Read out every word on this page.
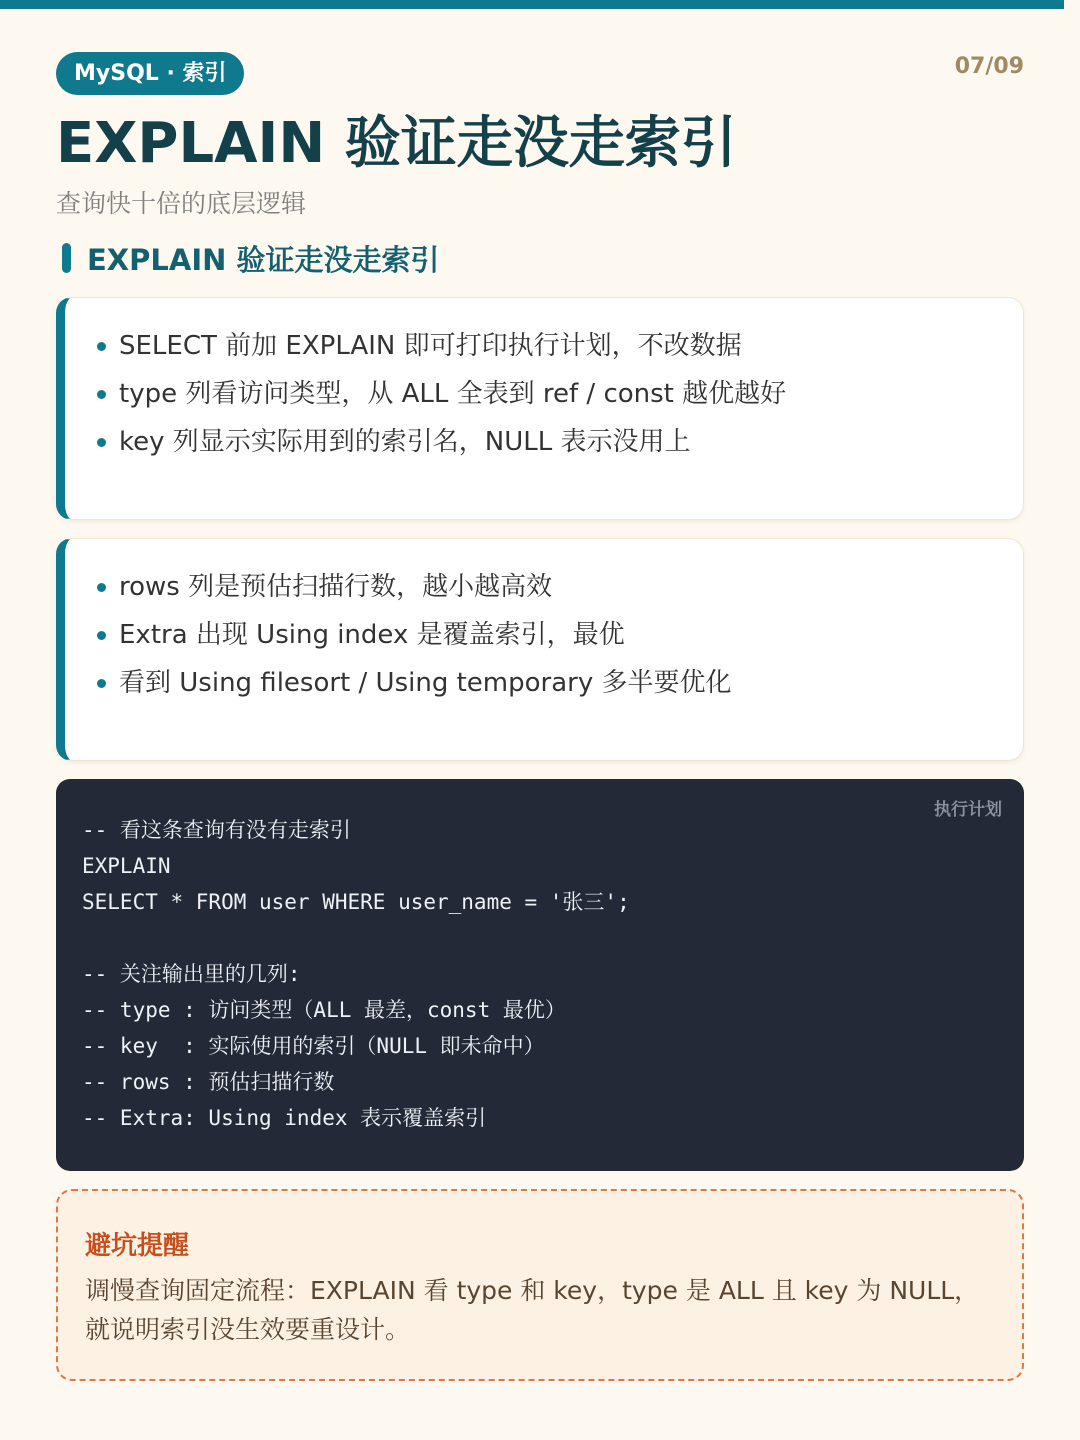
MySQL · 索引	07/09
EXPLAIN 验证走没走索引
查询快十倍的底层逻辑
EXPLAIN 验证走没走索引
SELECT 前加 EXPLAIN 即可打印执行计划，不改数据
type 列看访问类型，从 ALL 全表到 ref / const 越优越好
key 列显示实际用到的索引名，NULL 表示没用上
rows 列是预估扫描行数，越小越高效
Extra 出现 Using index 是覆盖索引，最优
看到 Using filesort / Using temporary 多半要优化
执行计划
-- 看这条查询有没有走索引
EXPLAIN
SELECT * FROM user WHERE user_name = '张三';
-- 关注输出里的几列:
-- type : 访问类型（ALL 最差，const 最优）
-- key  : 实际使用的索引（NULL 即未命中）
-- rows : 预估扫描行数
-- Extra: Using index 表示覆盖索引
避坑提醒
调慢查询固定流程：EXPLAIN 看 type 和 key，type 是 ALL 且 key 为 NULL，就说明索引没生效要重设计。
